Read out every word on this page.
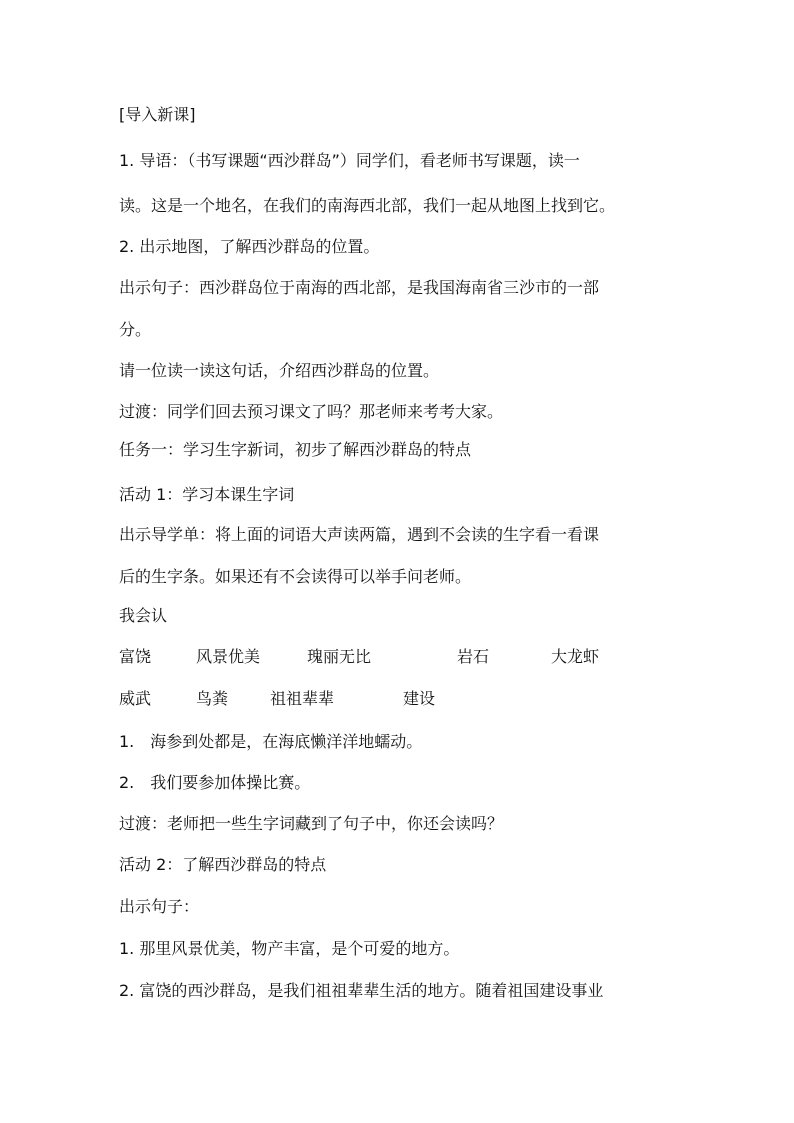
[导入新课]
1. 导语：（书写课题“西沙群岛”）同学们，看老师书写课题，读一
读。这是一个地名，在我们的南海西北部，我们一起从地图上找到它。
2. 出示地图，了解西沙群岛的位置。
出示句子：西沙群岛位于南海的西北部，是我国海南省三沙市的一部
分。
请一位读一读这句话，介绍西沙群岛的位置。
过渡：同学们回去预习课文了吗？那老师来考考大家。
任务一：学习生字新词，初步了解西沙群岛的特点
活动 1：学习本课生字词
出示导学单：将上面的词语大声读两篇，遇到不会读的生字看一看课
后的生字条。如果还有不会读得可以举手问老师。
我会认
富饶	风景优美	瑰丽无比	岩石	大龙虾
威武	鸟粪	祖祖辈辈	建设
1.　海参到处都是，在海底懒洋洋地蠕动。
2.　我们要参加体操比赛。
过渡：老师把一些生字词藏到了句子中，你还会读吗？
活动 2：了解西沙群岛的特点
出示句子：
1. 那里风景优美，物产丰富，是个可爱的地方。
2. 富饶的西沙群岛，是我们祖祖辈辈生活的地方。随着祖国建设事业
